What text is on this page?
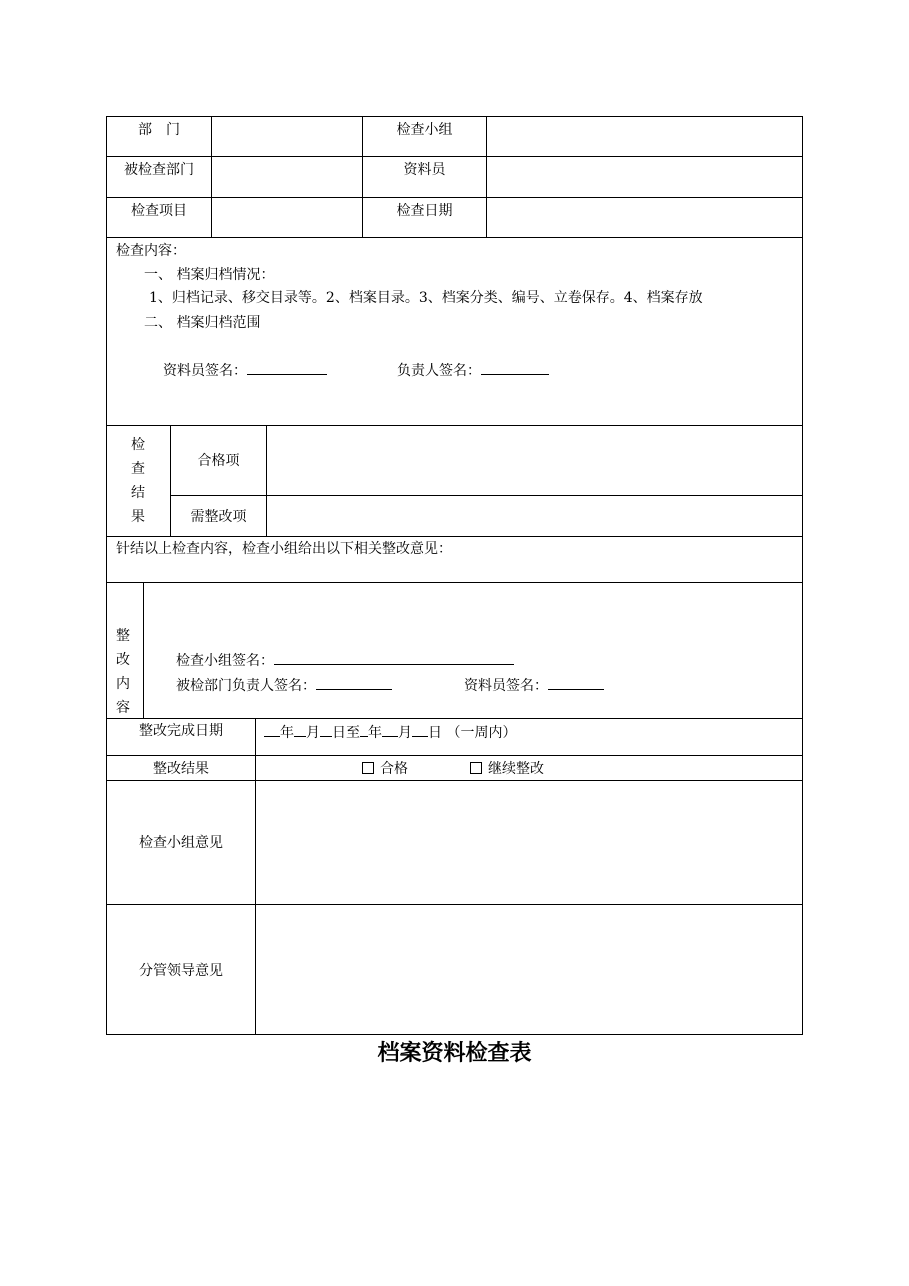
部　门	检查小组
被检查部门	资料员
检查项目	检查日期
检查内容：
一、 档案归档情况：
1、归档记录、移交目录等。2、档案目录。3、档案分类、编号、立卷保存。4、档案存放
二、 档案归档范围
资料员签名：	负责人签名：
检
查
结
果
合格项
需整改项
针结以上检查内容，检查小组给出以下相关整改意见：
整
改
内
容
检查小组签名：
被检部门负责人签名：	资料员签名：
整改完成日期	年 月 日至 年 月 日 （一周内）
整改结果	合格	继续整改
检查小组意见
分管领导意见
档案资料检查表
